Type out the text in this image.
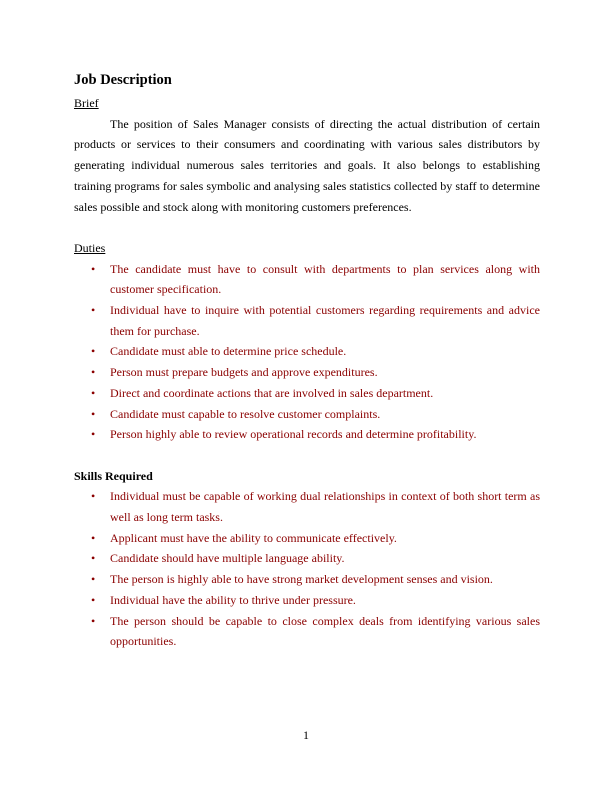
Job Description

Brief

The position of Sales Manager consists of directing the actual distribution of certain products or services to their consumers and coordinating with various sales distributors by generating individual numerous sales territories and goals. It also belongs to establishing training programs for sales symbolic and analysing sales statistics collected by staff to determine sales possible and stock along with monitoring customers preferences.

Duties

• The candidate must have to consult with departments to plan services along with customer specification.
• Individual have to inquire with potential customers regarding requirements and advice them for purchase.
• Candidate must able to determine price schedule.
• Person must prepare budgets and approve expenditures.
• Direct and coordinate actions that are involved in sales department.
• Candidate must capable to resolve customer complaints.
• Person highly able to review operational records and determine profitability.

Skills Required

• Individual must be capable of working dual relationships in context of both short term as well as long term tasks.
• Applicant must have the ability to communicate effectively.
• Candidate should have multiple language ability.
• The person is highly able to have strong market development senses and vision.
• Individual have the ability to thrive under pressure.
• The person should be capable to close complex deals from identifying various sales opportunities.
1
